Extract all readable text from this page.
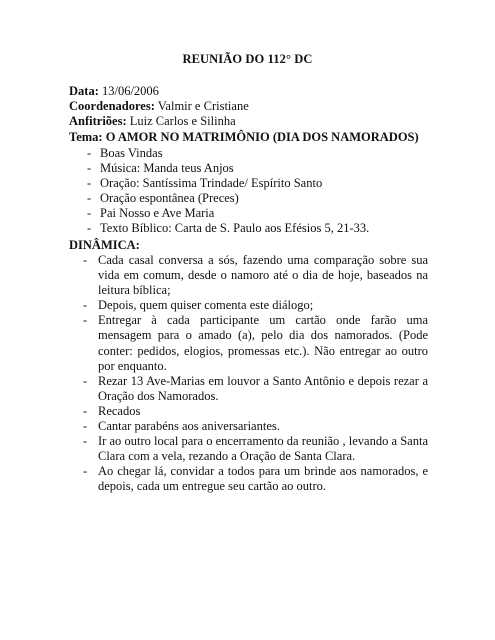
REUNIÃO DO 112° DC
Data: 13/06/2006
Coordenadores: Valmir e Cristiane
Anfitriões: Luiz Carlos e Silinha
Tema: O AMOR NO MATRIMÔNIO (DIA DOS NAMORADOS)
- Boas Vindas
- Música: Manda teus Anjos
- Oração: Santíssima Trindade/ Espírito Santo
- Oração espontânea (Preces)
- Pai Nosso e Ave Maria
- Texto Bíblico: Carta de S. Paulo aos Efésios 5, 21-33.
DINÂMICA:
- Cada casal conversa a sós, fazendo uma comparação sobre sua vida em comum, desde o namoro até o dia de hoje, baseados na leitura bíblica;
- Depois, quem quiser comenta este diálogo;
- Entregar à cada participante um cartão onde farão uma mensagem para o amado (a), pelo dia dos namorados. (Pode conter: pedidos, elogios, promessas etc.). Não entregar ao outro por enquanto.
- Rezar 13 Ave-Marias em louvor a Santo Antônio e depois rezar a Oração dos Namorados.
- Recados
- Cantar parabéns aos aniversariantes.
- Ir ao outro local para o encerramento da reunião , levando a Santa Clara com a vela, rezando a Oração de Santa Clara.
- Ao chegar lá, convidar a todos para um brinde aos namorados, e depois, cada um entregue seu cartão ao outro.
